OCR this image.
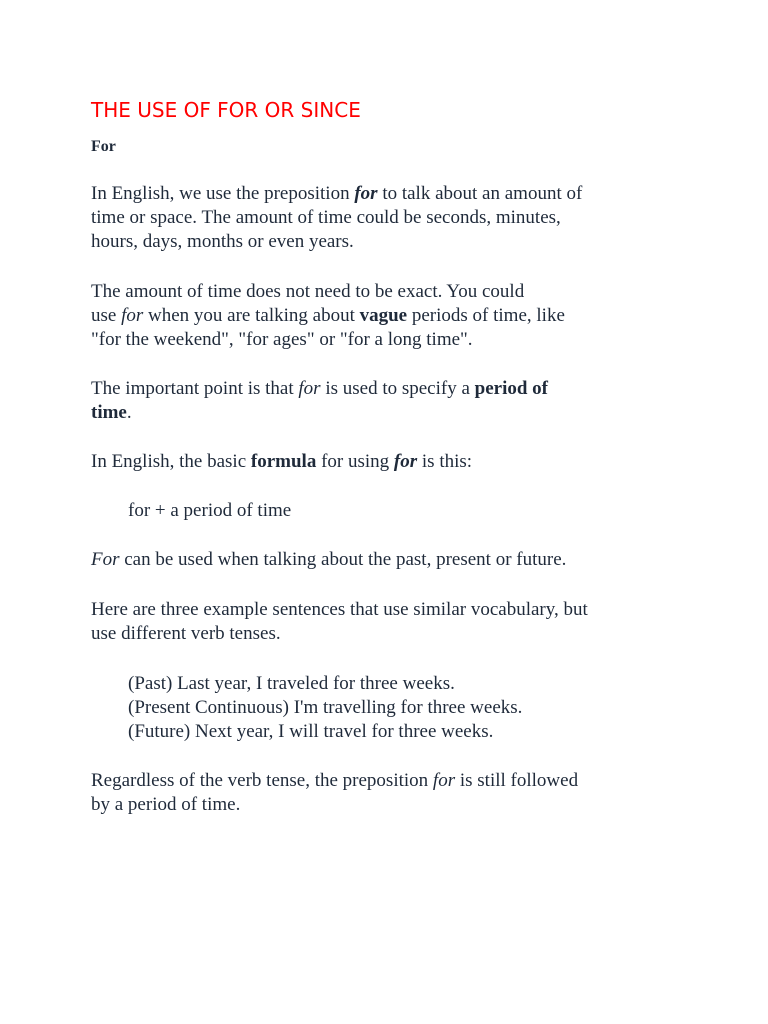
THE USE OF FOR OR SINCE
For

In English, we use the preposition for to talk about an amount of
time or space. The amount of time could be seconds, minutes,
hours, days, months or even years.

The amount of time does not need to be exact. You could
use for when you are talking about vague periods of time, like
"for the weekend", "for ages" or "for a long time".

The important point is that for is used to specify a period of
time.

In English, the basic formula for using for is this:

for + a period of time

For can be used when talking about the past, present or future.

Here are three example sentences that use similar vocabulary, but
use different verb tenses.

(Past) Last year, I traveled for three weeks.
(Present Continuous) I'm travelling for three weeks.
(Future) Next year, I will travel for three weeks.

Regardless of the verb tense, the preposition for is still followed
by a period of time.
